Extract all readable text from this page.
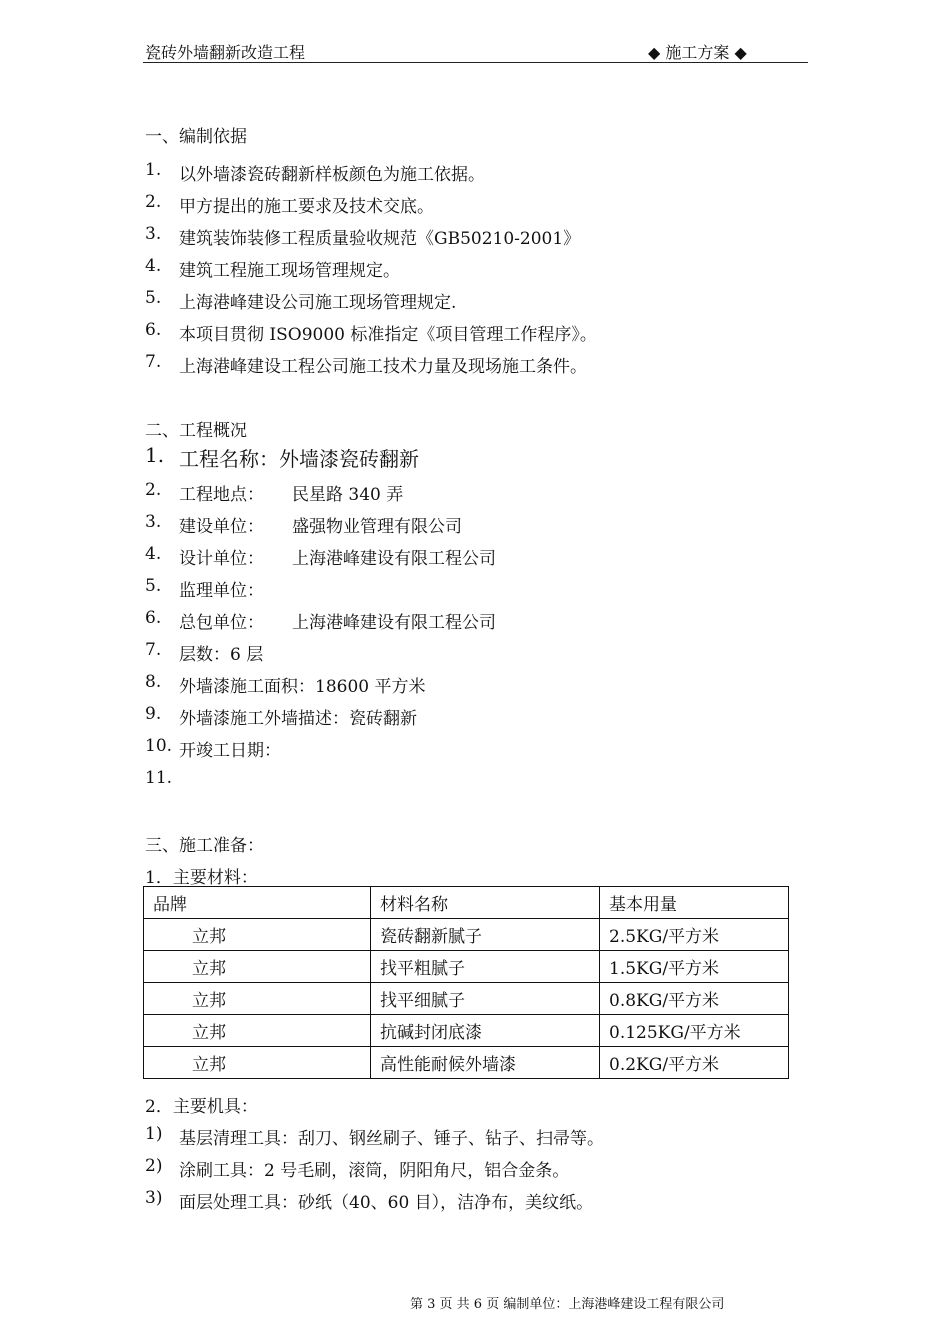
瓷砖外墙翻新改造工程	◆ 施工方案 ◆
一、编制依据
1. 以外墙漆瓷砖翻新样板颜色为施工依据。
2. 甲方提出的施工要求及技术交底。
3. 建筑装饰装修工程质量验收规范《GB50210-2001》
4. 建筑工程施工现场管理规定。
5. 上海港峰建设公司施工现场管理规定.
6. 本项目贯彻 ISO9000 标准指定《项目管理工作程序》。
7. 上海港峰建设工程公司施工技术力量及现场施工条件。
二、工程概况
1. 工程名称：外墙漆瓷砖翻新
2. 工程地点： 民星路 340 弄
3. 建设单位： 盛强物业管理有限公司
4. 设计单位： 上海港峰建设有限工程公司
5. 监理单位：
6. 总包单位： 上海港峰建设有限工程公司
7. 层数：6 层
8. 外墙漆施工面积：18600 平方米
9. 外墙漆施工外墙描述：瓷砖翻新
10. 开竣工日期：
11.
三、施工准备：
1．主要材料：
品牌	材料名称	基本用量
立邦	瓷砖翻新腻子	2.5KG/平方米
立邦	找平粗腻子	1.5KG/平方米
立邦	找平细腻子	0.8KG/平方米
立邦	抗碱封闭底漆	0.125KG/平方米
立邦	高性能耐候外墙漆	0.2KG/平方米
2．主要机具：
1) 基层清理工具：刮刀、钢丝刷子、锤子、钻子、扫帚等。
2) 涂刷工具：2 号毛刷，滚筒，阴阳角尺，铝合金条。
3) 面层处理工具：砂纸（40、60 目），洁净布，美纹纸。
第 3 页 共 6 页 编制单位：上海港峰建设工程有限公司
